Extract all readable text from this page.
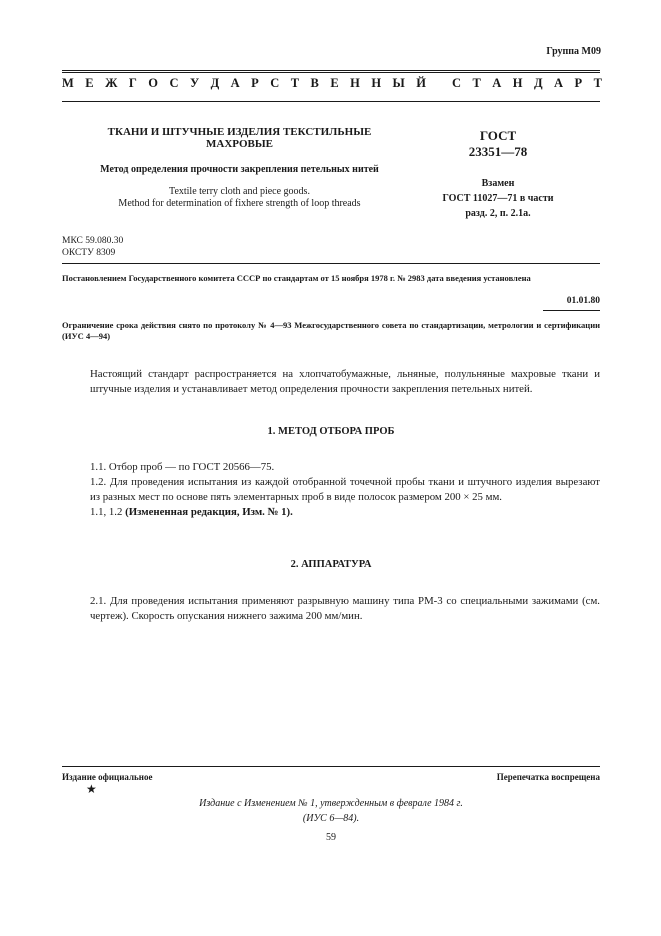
Группа М09
М Е Ж Г О С У Д А Р С Т В Е Н Н Ы Й
С Т А Н Д А Р Т
ТКАНИ И ШТУЧНЫЕ ИЗДЕЛИЯ ТЕКСТИЛЬНЫЕ
МАХРОВЫЕ
Метод определения прочности закрепления петельных нитей
Textile terry cloth and piece goods.
Method for determination of fixhere strength of loop threads
ГОСТ
23351—78
Взамен
ГОСТ 11027—71 в части
разд. 2, п. 2.1а.
МКС 59.080.30
ОКСТУ 8309
Постановлением Государственного комитета СССР по стандартам от 15 ноября 1978 г. № 2983 дата введения установлена
01.01.80
Ограничение срока действия снято по протоколу № 4—93 Межгосударственного совета по стандартизации, метрологии и сертификации (ИУС 4—94)
Настоящий стандарт распространяется на хлопчатобумажные, льняные, полульняные махровые ткани и штучные изделия и устанавливает метод определения прочности закрепления петельных нитей.
1. МЕТОД ОТБОРА ПРОБ
1.1. Отбор проб — по ГОСТ 20566—75.
1.2. Для проведения испытания из каждой отобранной точечной пробы ткани и штучного изделия вырезают из разных мест по основе пять элементарных проб в виде полосок размером 200 × 25 мм.
1.1, 1.2 (Измененная редакция, Изм. № 1).
2. АППАРАТУРА
2.1. Для проведения испытания применяют разрывную машину типа РМ-3 со специальными зажимами (см. чертеж). Скорость опускания нижнего зажима 200 мм/мин.
Издание официальное	Перепечатка воспрещена
★
Издание с Изменением № 1, утвержденным в феврале 1984 г.
(ИУС 6—84).
59
